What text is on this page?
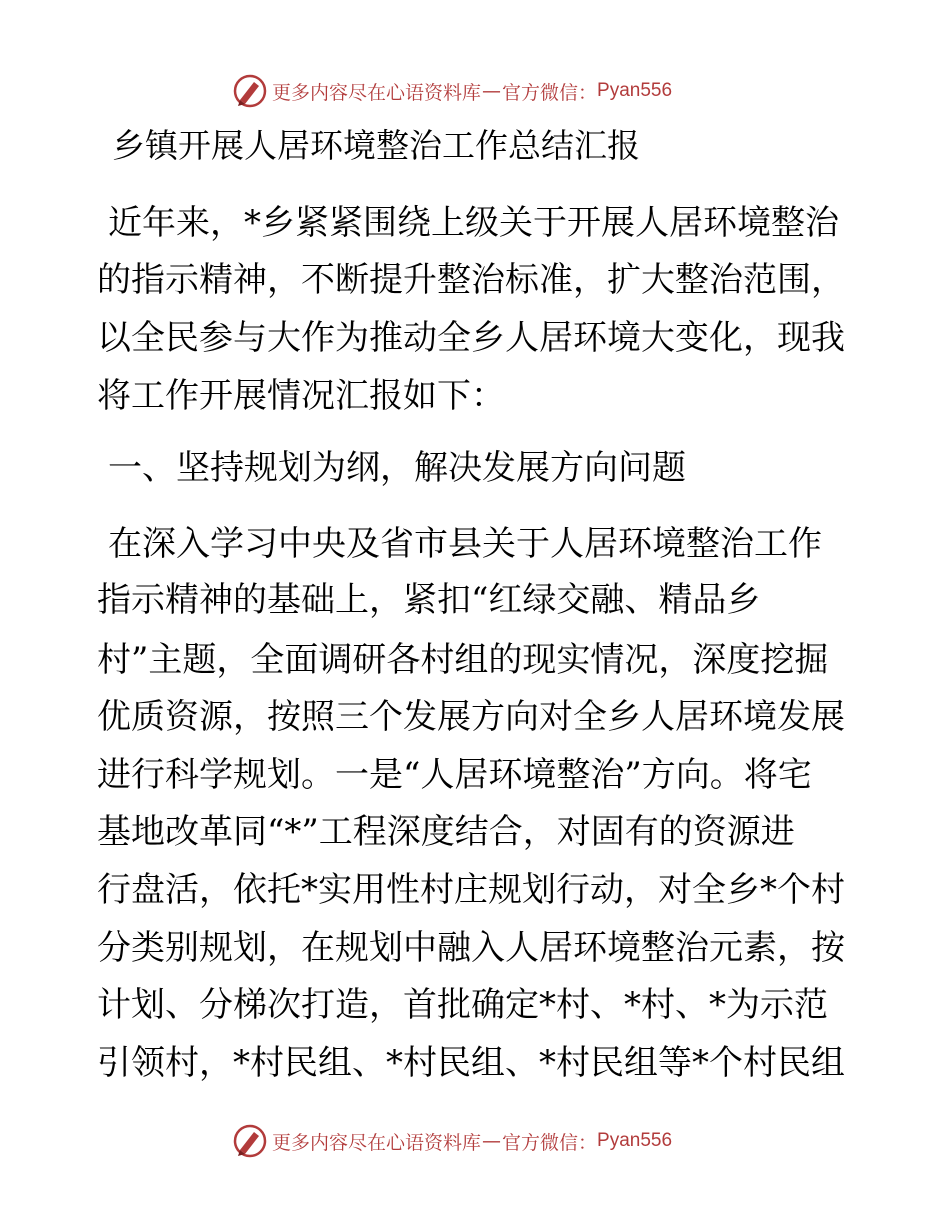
更多内容尽在心语资料库 — 官方微信： Pyan556
乡镇开展人居环境整治工作总结汇报
近年来，*乡紧紧围绕上级关于开展人居环境整治
的指示精神，不断提升整治标准，扩大整治范围，
以全民参与大作为推动全乡人居环境大变化，现我
将工作开展情况汇报如下：
一、坚持规划为纲，解决发展方向问题
在深入学习中央及省市县关于人居环境整治工作
指示精神的基础上，紧扣“红绿交融、精品乡
村”主题，全面调研各村组的现实情况，深度挖掘
优质资源，按照三个发展方向对全乡人居环境发展
进行科学规划。一是“人居环境整治”方向。将宅
基地改革同“*”工程深度结合，对固有的资源进
行盘活，依托*实用性村庄规划行动，对全乡*个村
分类别规划，在规划中融入人居环境整治元素，按
计划、分梯次打造，首批确定*村、*村、*为示范
引领村，*村民组、*村民组、*村民组等*个村民组
更多内容尽在心语资料库 — 官方微信： Pyan556
